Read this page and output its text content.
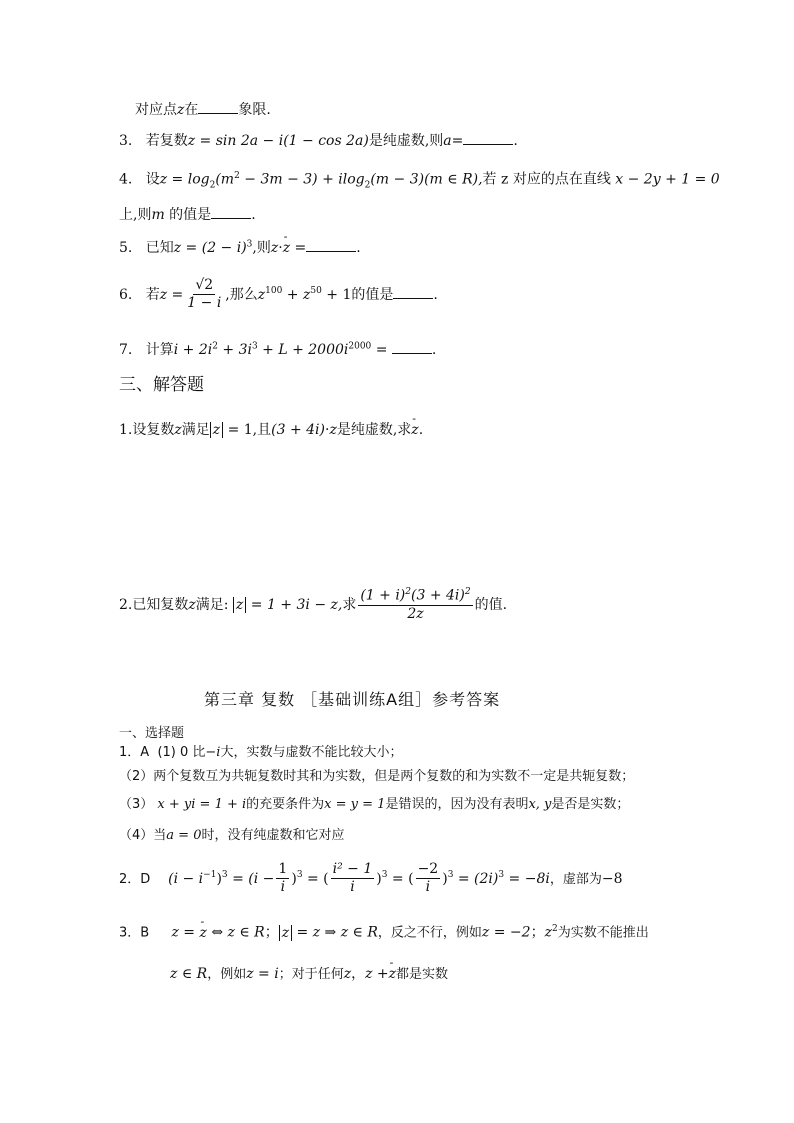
对应点z在	象限.
3. 若复数z = sin 2a − i(1 − cos 2a)是纯虚数,则a=	.
4. 设$z = \log_2(m^2 - 3m - 3) + ilog_2(m - 3)(m$ ∈ R),若 z 对应的点在直线 x − 2y + 1 = 0
上,则m 的值是	.
5. 已知$z = (2 - i)^3$,则z·- z =	.
6. 若$z = \frac{√2}{1 - i}$ ,那么$z^{100} + z^{50} + 1$的值是	.
7. 计算$i + 2i^2 + 3i^3 + L + 2000i^{2000}$ =	.
三、解答题
1.设复数z满足 z = 1,且(3 + 4i)·z是纯虚数,求- z.
2.已知复数z满足: z = 1 + 3i − z,求 $\frac{(1 + i)^2(3 + 4i)^2}{2z}$ 的值.
第三章 复数 ［基础训练A组］参考答案
一、选择题
1．A (1) 0 比−i大，实数与虚数不能比较大小；
（2）两个复数互为共轭复数时其和为实数，但是两个复数的和为实数不一定是共轭复数；
（3） x + yi = 1 + i的充要条件为x = y = 1是错误的，因为没有表明x, y是否是实数；
（4）当a = 0时，没有纯虚数和它对应
2．D $(i - i^{-1})^3 = (i - \frac{1}{i} )^3$ = ( $\frac{\text{i² − 1}}{i} )^3$ = ( $\frac{-2}{i} )^3 = (2i)^3 = -8i$，虚部为−8
3．B z = - z ⇔ z ∈ R； z = z ⇒ z ∈ R，反之不行，例如z = −2；$z^2$为实数不能推出
z ∈ R，例如z = i；对于任何z，z +- z都是实数
